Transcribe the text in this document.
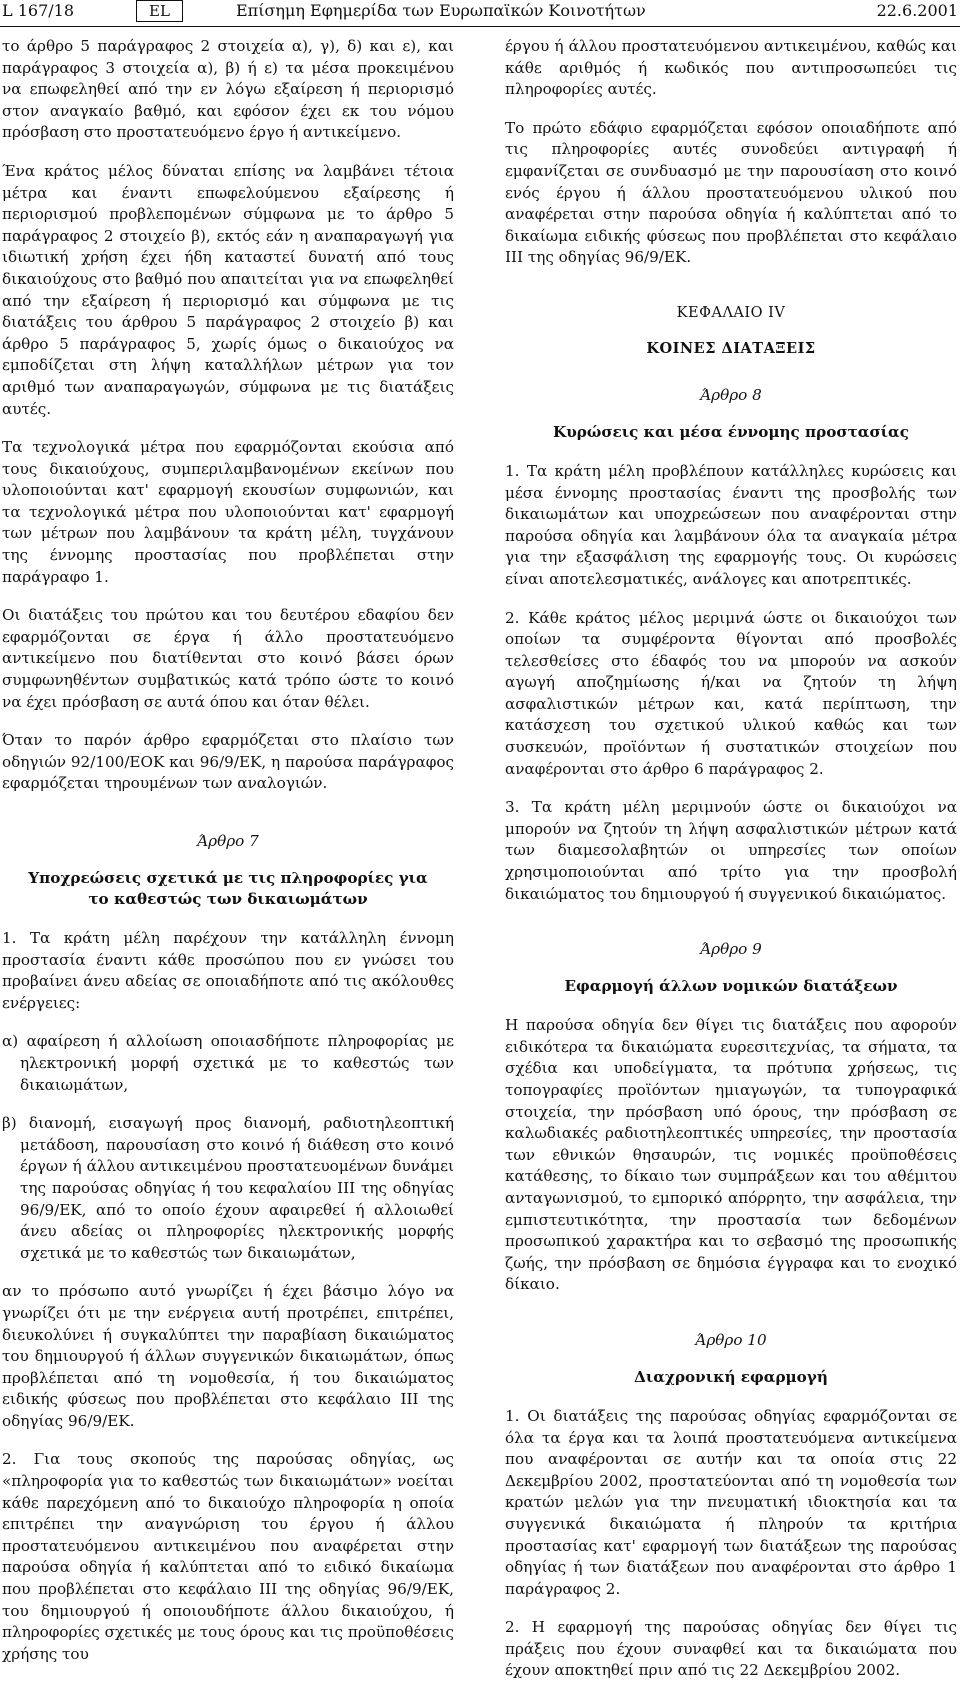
L 167/18	EL	Επίσημη Εφημερίδα των Ευρωπαϊκών Κοινοτήτων	22.6.2001

το άρθρο 5 παράγραφος 2 στοιχεία α), γ), δ) και ε), και παράγραφος 3 στοιχεία α), β) ή ε) τα μέσα προκειμένου να επωφεληθεί από την εν λόγω εξαίρεση ή περιορισμό στον αναγκαίο βαθμό, και εφόσον έχει εκ του νόμου πρόσβαση στο προστατευόμενο έργο ή αντικείμενο.

Ένα κράτος μέλος δύναται επίσης να λαμβάνει τέτοια μέτρα και έναντι επωφελούμενου εξαίρεσης ή περιορισμού προβλεπομένων σύμφωνα με το άρθρο 5 παράγραφος 2 στοιχείο β), εκτός εάν η αναπαραγωγή για ιδιωτική χρήση έχει ήδη καταστεί δυνατή από τους δικαιούχους στο βαθμό που απαιτείται για να επωφεληθεί από την εξαίρεση ή περιορισμό και σύμφωνα με τις διατάξεις του άρθρου 5 παράγραφος 2 στοιχείο β) και άρθρο 5 παράγραφος 5, χωρίς όμως ο δικαιούχος να εμποδίζεται στη λήψη καταλλήλων μέτρων για τον αριθμό των αναπαραγωγών, σύμφωνα με τις διατάξεις αυτές.

Τα τεχνολογικά μέτρα που εφαρμόζονται εκούσια από τους δικαιούχους, συμπεριλαμβανομένων εκείνων που υλοποιούνται κατ' εφαρμογή εκουσίων συμφωνιών, και τα τεχνολογικά μέτρα που υλοποιούνται κατ' εφαρμογή των μέτρων που λαμβάνουν τα κράτη μέλη, τυγχάνουν της έννομης προστασίας που προβλέπεται στην παράγραφο 1.

Οι διατάξεις του πρώτου και του δευτέρου εδαφίου δεν εφαρμόζονται σε έργα ή άλλο προστατευόμενο αντικείμενο που διατίθενται στο κοινό βάσει όρων συμφωνηθέντων συμβατικώς κατά τρόπο ώστε το κοινό να έχει πρόσβαση σε αυτά όπου και όταν θέλει.

Όταν το παρόν άρθρο εφαρμόζεται στο πλαίσιο των οδηγιών 92/100/ΕΟΚ και 96/9/ΕΚ, η παρούσα παράγραφος εφαρμόζεται τηρουμένων των αναλογιών.

Άρθρο 7
Υποχρεώσεις σχετικά με τις πληροφορίες για το καθεστώς των δικαιωμάτων

1. Τα κράτη μέλη παρέχουν την κατάλληλη έννομη προστασία έναντι κάθε προσώπου που εν γνώσει του προβαίνει άνευ αδείας σε οποιαδήποτε από τις ακόλουθες ενέργειες:

α) αφαίρεση ή αλλοίωση οποιασδήποτε πληροφορίας με ηλεκτρονική μορφή σχετικά με το καθεστώς των δικαιωμάτων,

β) διανομή, εισαγωγή προς διανομή, ραδιοτηλεοπτική μετάδοση, παρουσίαση στο κοινό ή διάθεση στο κοινό έργων ή άλλου αντικειμένου προστατευομένων δυνάμει της παρούσας οδηγίας ή του κεφαλαίου ΙΙΙ της οδηγίας 96/9/ΕΚ, από το οποίο έχουν αφαιρεθεί ή αλλοιωθεί άνευ αδείας οι πληροφορίες ηλεκτρονικής μορφής σχετικά με το καθεστώς των δικαιωμάτων,

αν το πρόσωπο αυτό γνωρίζει ή έχει βάσιμο λόγο να γνωρίζει ότι με την ενέργεια αυτή προτρέπει, επιτρέπει, διευκολύνει ή συγκαλύπτει την παραβίαση δικαιώματος του δημιουργού ή άλλων συγγενικών δικαιωμάτων, όπως προβλέπεται από τη νομοθεσία, ή του δικαιώματος ειδικής φύσεως που προβλέπεται στο κεφάλαιο ΙΙΙ της οδηγίας 96/9/ΕΚ.

2. Για τους σκοπούς της παρούσας οδηγίας, ως «πληροφορία για το καθεστώς των δικαιωμάτων» νοείται κάθε παρεχόμενη από το δικαιούχο πληροφορία η οποία επιτρέπει την αναγνώριση του έργου ή άλλου προστατευόμενου αντικειμένου που αναφέρεται στην παρούσα οδηγία ή καλύπτεται από το ειδικό δικαίωμα που προβλέπεται στο κεφάλαιο ΙΙΙ της οδηγίας 96/9/ΕΚ, του δημιουργού ή οποιουδήποτε άλλου δικαιούχου, ή πληροφορίες σχετικές με τους όρους και τις προϋποθέσεις χρήσης του

έργου ή άλλου προστατευόμενου αντικειμένου, καθώς και κάθε αριθμός ή κωδικός που αντιπροσωπεύει τις πληροφορίες αυτές.

Το πρώτο εδάφιο εφαρμόζεται εφόσον οποιαδήποτε από τις πληροφορίες αυτές συνοδεύει αντιγραφή ή εμφανίζεται σε συνδυασμό με την παρουσίαση στο κοινό ενός έργου ή άλλου προστατευόμενου υλικού που αναφέρεται στην παρούσα οδηγία ή καλύπτεται από το δικαίωμα ειδικής φύσεως που προβλέπεται στο κεφάλαιο ΙΙΙ της οδηγίας 96/9/ΕΚ.

ΚΕΦΑΛΑΙΟ IV
ΚΟΙΝΕΣ ΔΙΑΤΑΞΕΙΣ
Άρθρο 8
Κυρώσεις και μέσα έννομης προστασίας

1. Τα κράτη μέλη προβλέπουν κατάλληλες κυρώσεις και μέσα έννομης προστασίας έναντι της προσβολής των δικαιωμάτων και υποχρεώσεων που αναφέρονται στην παρούσα οδηγία και λαμβάνουν όλα τα αναγκαία μέτρα για την εξασφάλιση της εφαρμογής τους. Οι κυρώσεις είναι αποτελεσματικές, ανάλογες και αποτρεπτικές.

2. Κάθε κράτος μέλος μεριμνά ώστε οι δικαιούχοι των οποίων τα συμφέροντα θίγονται από προσβολές τελεσθείσες στο έδαφός του να μπορούν να ασκούν αγωγή αποζημίωσης ή/και να ζητούν τη λήψη ασφαλιστικών μέτρων και, κατά περίπτωση, την κατάσχεση του σχετικού υλικού καθώς και των συσκευών, προϊόντων ή συστατικών στοιχείων που αναφέρονται στο άρθρο 6 παράγραφος 2.

3. Τα κράτη μέλη μεριμνούν ώστε οι δικαιούχοι να μπορούν να ζητούν τη λήψη ασφαλιστικών μέτρων κατά των διαμεσολαβητών οι υπηρεσίες των οποίων χρησιμοποιούνται από τρίτο για την προσβολή δικαιώματος του δημιουργού ή συγγενικού δικαιώματος.

Άρθρο 9
Εφαρμογή άλλων νομικών διατάξεων

Η παρούσα οδηγία δεν θίγει τις διατάξεις που αφορούν ειδικότερα τα δικαιώματα ευρεσιτεχνίας, τα σήματα, τα σχέδια και υποδείγματα, τα πρότυπα χρήσεως, τις τοπογραφίες προϊόντων ημιαγωγών, τα τυπογραφικά στοιχεία, την πρόσβαση υπό όρους, την πρόσβαση σε καλωδιακές ραδιοτηλεοπτικές υπηρεσίες, την προστασία των εθνικών θησαυρών, τις νομικές προϋποθέσεις κατάθεσης, το δίκαιο των συμπράξεων και του αθέμιτου ανταγωνισμού, το εμπορικό απόρρητο, την ασφάλεια, την εμπιστευτικότητα, την προστασία των δεδομένων προσωπικού χαρακτήρα και το σεβασμό της προσωπικής ζωής, την πρόσβαση σε δημόσια έγγραφα και το ενοχικό δίκαιο.

Άρθρο 10
Διαχρονική εφαρμογή

1. Οι διατάξεις της παρούσας οδηγίας εφαρμόζονται σε όλα τα έργα και τα λοιπά προστατευόμενα αντικείμενα που αναφέρονται σε αυτήν και τα οποία στις 22 Δεκεμβρίου 2002, προστατεύονται από τη νομοθεσία των κρατών μελών για την πνευματική ιδιοκτησία και τα συγγενικά δικαιώματα ή πληρούν τα κριτήρια προστασίας κατ' εφαρμογή των διατάξεων της παρούσας οδηγίας ή των διατάξεων που αναφέρονται στο άρθρο 1 παράγραφος 2.

2. Η εφαρμογή της παρούσας οδηγίας δεν θίγει τις πράξεις που έχουν συναφθεί και τα δικαιώματα που έχουν αποκτηθεί πριν από τις 22 Δεκεμβρίου 2002.
